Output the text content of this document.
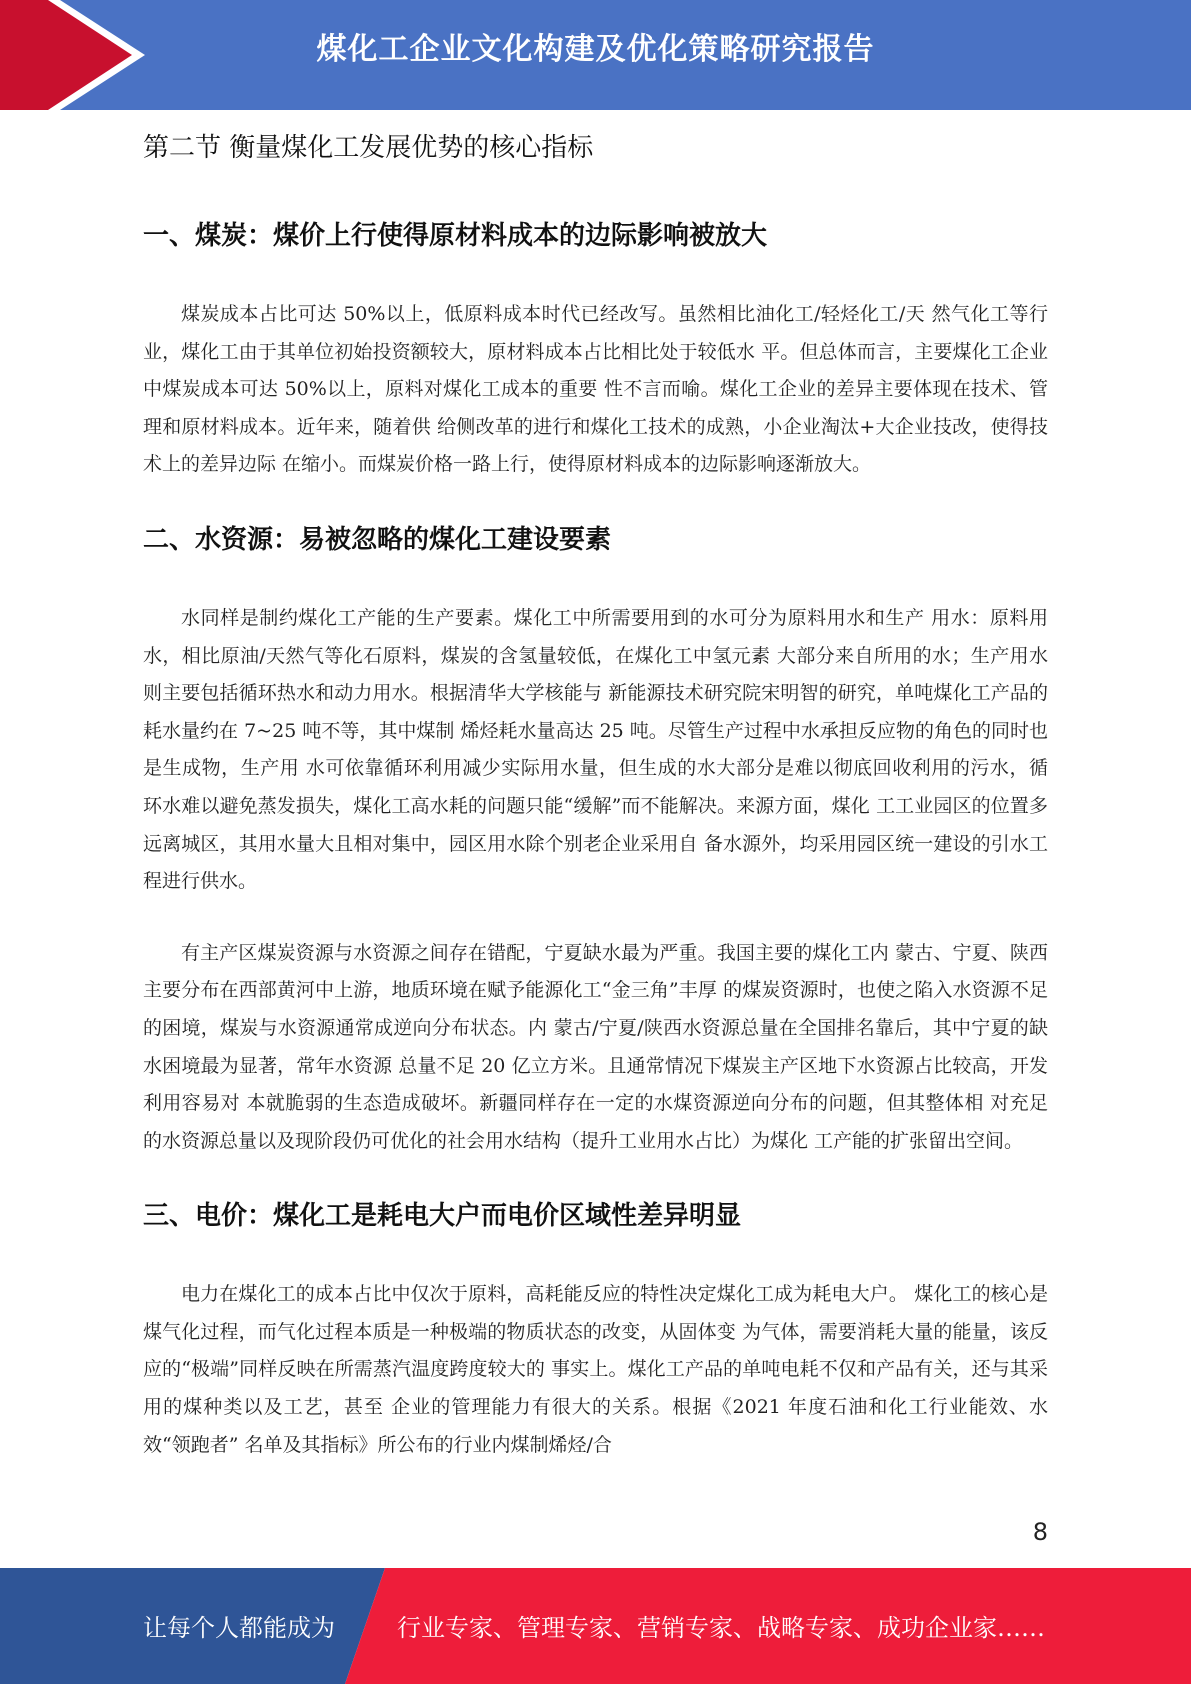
煤化工企业文化构建及优化策略研究报告
第二节 衡量煤化工发展优势的核心指标
一、煤炭：煤价上行使得原材料成本的边际影响被放大

煤炭成本占比可达 50%以上，低原料成本时代已经改写。虽然相比油化工/轻烃化工/天 然气化工等行业，煤化工由于其单位初始投资额较大，原材料成本占比相比处于较低水 平。但总体而言，主要煤化工企业中煤炭成本可达 50%以上，原料对煤化工成本的重要 性不言而喻。煤化工企业的差异主要体现在技术、管理和原材料成本。近年来，随着供 给侧改革的进行和煤化工技术的成熟，小企业淘汰+大企业技改，使得技术上的差异边际 在缩小。而煤炭价格一路上行，使得原材料成本的边际影响逐渐放大。

二、水资源：易被忽略的煤化工建设要素

水同样是制约煤化工产能的生产要素。煤化工中所需要用到的水可分为原料用水和生产 用水：原料用水，相比原油/天然气等化石原料，煤炭的含氢量较低，在煤化工中氢元素 大部分来自所用的水；生产用水则主要包括循环热水和动力用水。根据清华大学核能与 新能源技术研究院宋明智的研究，单吨煤化工产品的耗水量约在 7~25 吨不等，其中煤制 烯烃耗水量高达 25 吨。尽管生产过程中水承担反应物的角色的同时也是生成物，生产用 水可依靠循环利用减少实际用水量，但生成的水大部分是难以彻底回收利用的污水，循 环水难以避免蒸发损失，煤化工高水耗的问题只能“缓解”而不能解决。来源方面，煤化 工工业园区的位置多远离城区，其用水量大且相对集中，园区用水除个别老企业采用自 备水源外，均采用园区统一建设的引水工程进行供水。

有主产区煤炭资源与水资源之间存在错配，宁夏缺水最为严重。我国主要的煤化工内 蒙古、宁夏、陕西主要分布在西部黄河中上游，地质环境在赋予能源化工“金三角”丰厚 的煤炭资源时，也使之陷入水资源不足的困境，煤炭与水资源通常成逆向分布状态。内 蒙古/宁夏/陕西水资源总量在全国排名靠后，其中宁夏的缺水困境最为显著，常年水资源 总量不足 20 亿立方米。且通常情况下煤炭主产区地下水资源占比较高，开发利用容易对 本就脆弱的生态造成破坏。新疆同样存在一定的水煤资源逆向分布的问题，但其整体相 对充足的水资源总量以及现阶段仍可优化的社会用水结构（提升工业用水占比）为煤化 工产能的扩张留出空间。

三、电价：煤化工是耗电大户而电价区域性差异明显

电力在煤化工的成本占比中仅次于原料，高耗能反应的特性决定煤化工成为耗电大户。 煤化工的核心是煤气化过程，而气化过程本质是一种极端的物质状态的改变，从固体变 为气体，需要消耗大量的能量，该反应的“极端”同样反映在所需蒸汽温度跨度较大的 事实上。煤化工产品的单吨电耗不仅和产品有关，还与其采用的煤种类以及工艺，甚至 企业的管理能力有很大的关系。根据《2021 年度石油和化工行业能效、水效“领跑者” 名单及其指标》所公布的行业内煤制烯烃/合

8
让每个人都能成为	行业专家、管理专家、营销专家、战略专家、成功企业家……
